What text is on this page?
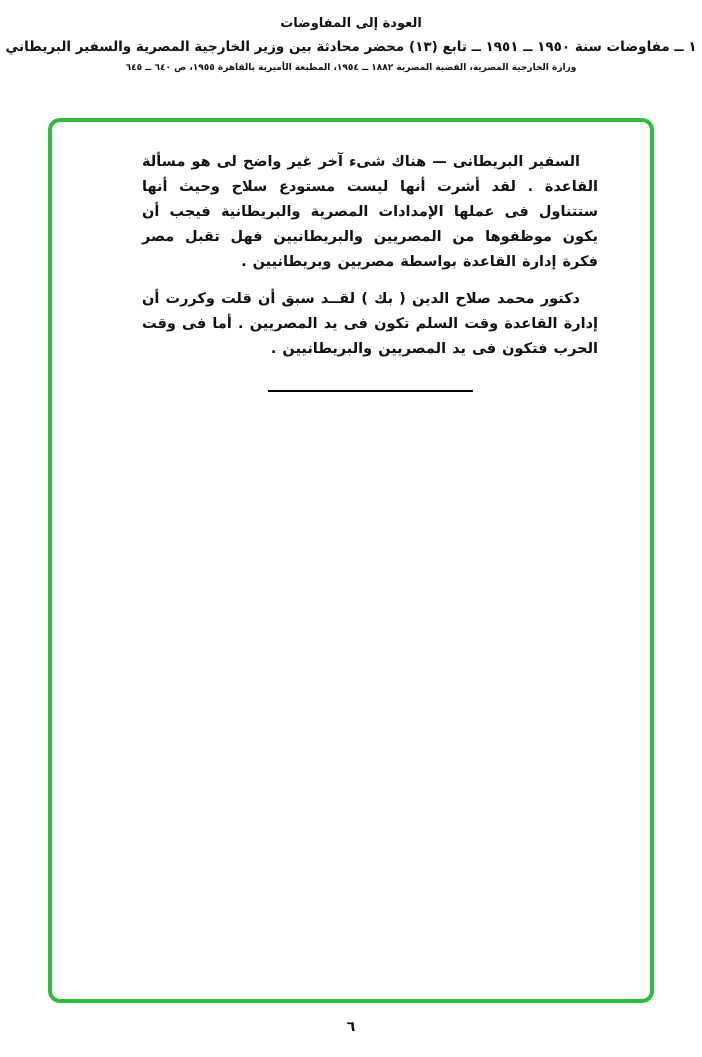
العودة إلى المفاوضات
١ ــ مفاوضات سنة ١٩٥٠ ــ ١٩٥١ ــ تابع (١٣) محضر محادثة بين وزير الخارجية المصرية والسفير البريطاني
وزارة الخارجية المصرية، القضية المصرية ١٨٨٢ ــ ١٩٥٤، المطبعة الأميرية بالقاهرة ١٩٥٥، ص ٦٤٠ ــ ٦٤٥

السفير البريطانى — هناك شىء آخر غير واضح لى هو مسألة القاعدة . لقد أشرت أنها ليست مستودع سلاح وحيث أنها ستتناول فى عملها الإمدادات المصرية والبريطانية فيجب أن يكون موظفوها من المصريين والبريطانيين فهل تقبل مصر فكرة إدارة القاعدة بواسطة مصريين وبريطانيين .

دكتور محمد صلاح الدين ( بك ) لقــد سبق أن قلت وكررت أن إدارة القاعدة وقت السلم تكون فى يد المصريين . أما فى وقت الحرب فتكون فى يد المصريين والبريطانيين .

٦
